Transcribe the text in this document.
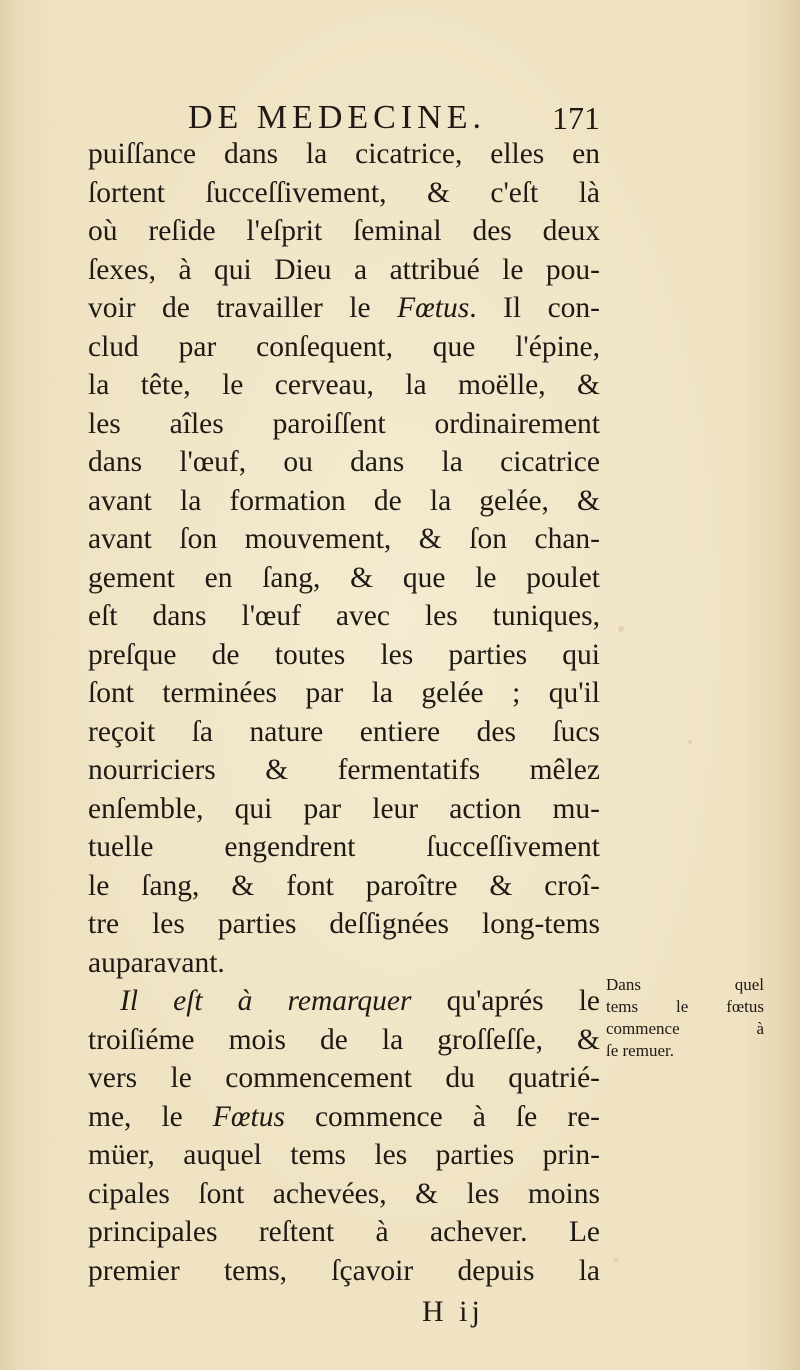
DE MEDECINE. 171
puiſſance dans la cicatrice, elles en
ſortent ſucceſſivement, & c'eſt là
où reſide l'eſprit ſeminal des deux
ſexes, à qui Dieu a attribué le pou-
voir de travailler le Fœtus. Il con-
clud par conſequent, que l'épine,
la tête, le cerveau, la moëlle, &
les aîles paroiſſent ordinairement
dans l'œuf, ou dans la cicatrice
avant la formation de la gelée, &
avant ſon mouvement, & ſon chan-
gement en ſang, & que le poulet
eſt dans l'œuf avec les tuniques,
preſque de toutes les parties qui
ſont terminées par la gelée ; qu'il
reçoit ſa nature entiere des ſucs
nourriciers & fermentatifs mêlez
enſemble, qui par leur action mu-
tuelle engendrent ſucceſſivement
le ſang, & font paroître & croî-
tre les parties deſſignées long-tems
auparavant.
Il eſt à remarquer qu'aprés le
troiſiéme mois de la groſſeſſe, &
vers le commencement du quatrié-
me, le Fœtus commence à ſe re-
müer, auquel tems les parties prin-
cipales ſont achevées, & les moins
principales reſtent à achever. Le
premier tems, ſçavoir depuis la
Dans quel
tems le fœtus
commence à
ſe remuer.
H ij
